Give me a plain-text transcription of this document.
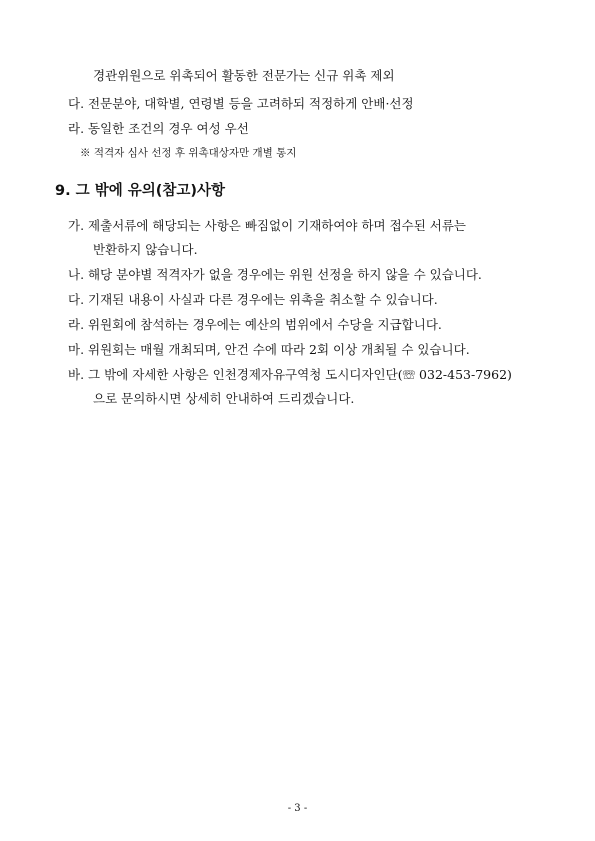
경관위원으로 위촉되어 활동한 전문가는 신규 위촉 제외
다. 전문분야, 대학별, 연령별 등을 고려하되 적정하게 안배·선정
라. 동일한 조건의 경우 여성 우선
※ 적격자 심사 선정 후 위촉대상자만 개별 통지
9. 그 밖에 유의(참고)사항
가. 제출서류에 해당되는 사항은 빠짐없이 기재하여야 하며 접수된 서류는
반환하지 않습니다.
나. 해당 분야별 적격자가 없을 경우에는 위원 선정을 하지 않을 수 있습니다.
다. 기재된 내용이 사실과 다른 경우에는 위촉을 취소할 수 있습니다.
라. 위원회에 참석하는 경우에는 예산의 범위에서 수당을 지급합니다.
마. 위원회는 매월 개최되며, 안건 수에 따라 2회 이상 개최될 수 있습니다.
바. 그 밖에 자세한 사항은 인천경제자유구역청 도시디자인단(☏ 032-453-7962)
으로 문의하시면 상세히 안내하여 드리겠습니다.
- 3 -
